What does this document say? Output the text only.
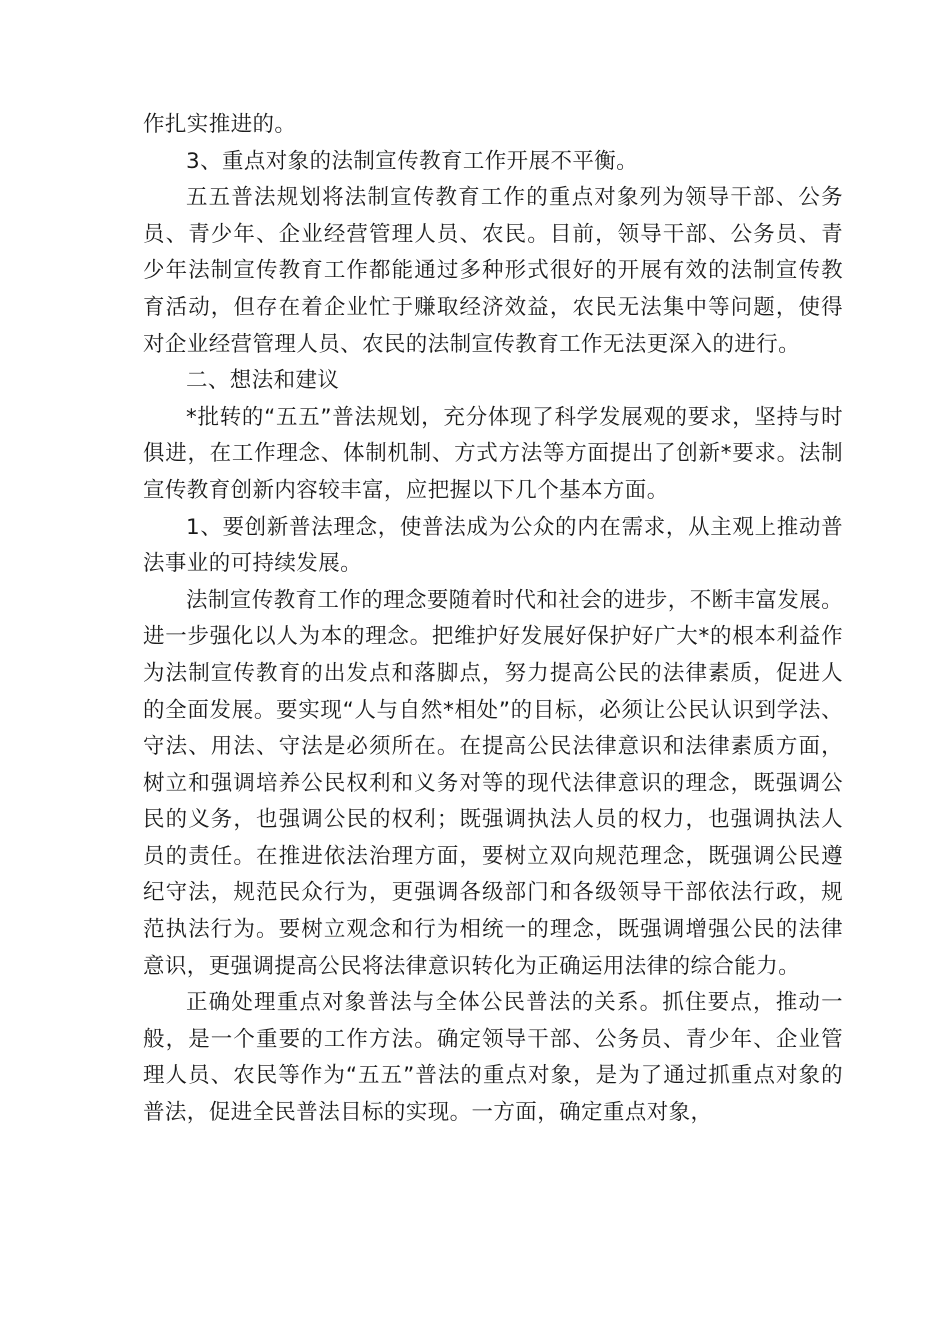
作扎实推进的。

3、重点对象的法制宣传教育工作开展不平衡。

五五普法规划将法制宣传教育工作的重点对象列为领导干部、公务员、青少年、企业经营管理人员、农民。目前，领导干部、公务员、青少年法制宣传教育工作都能通过多种形式很好的开展有效的法制宣传教育活动，但存在着企业忙于赚取经济效益，农民无法集中等问题，使得对企业经营管理人员、农民的法制宣传教育工作无法更深入的进行。

二、想法和建议

*批转的“五五”普法规划，充分体现了科学发展观的要求，坚持与时俱进，在工作理念、体制机制、方式方法等方面提出了创新*要求。法制宣传教育创新内容较丰富，应把握以下几个基本方面。

1、要创新普法理念，使普法成为公众的内在需求，从主观上推动普法事业的可持续发展。

法制宣传教育工作的理念要随着时代和社会的进步，不断丰富发展。进一步强化以人为本的理念。把维护好发展好保护好广大*的根本利益作为法制宣传教育的出发点和落脚点，努力提高公民的法律素质，促进人的全面发展。要实现“人与自然*相处”的目标，必须让公民认识到学法、守法、用法、守法是必须所在。在提高公民法律意识和法律素质方面，树立和强调培养公民权利和义务对等的现代法律意识的理念，既强调公民的义务，也强调公民的权利；既强调执法人员的权力，也强调执法人员的责任。在推进依法治理方面，要树立双向规范理念，既强调公民遵纪守法，规范民众行为，更强调各级部门和各级领导干部依法行政，规范执法行为。要树立观念和行为相统一的理念，既强调增强公民的法律意识，更强调提高公民将法律意识转化为正确运用法律的综合能力。

正确处理重点对象普法与全体公民普法的关系。抓住要点，推动一般，是一个重要的工作方法。确定领导干部、公务员、青少年、企业管理人员、农民等作为“五五”普法的重点对象，是为了通过抓重点对象的普法，促进全民普法目标的实现。一方面，确定重点对象，
